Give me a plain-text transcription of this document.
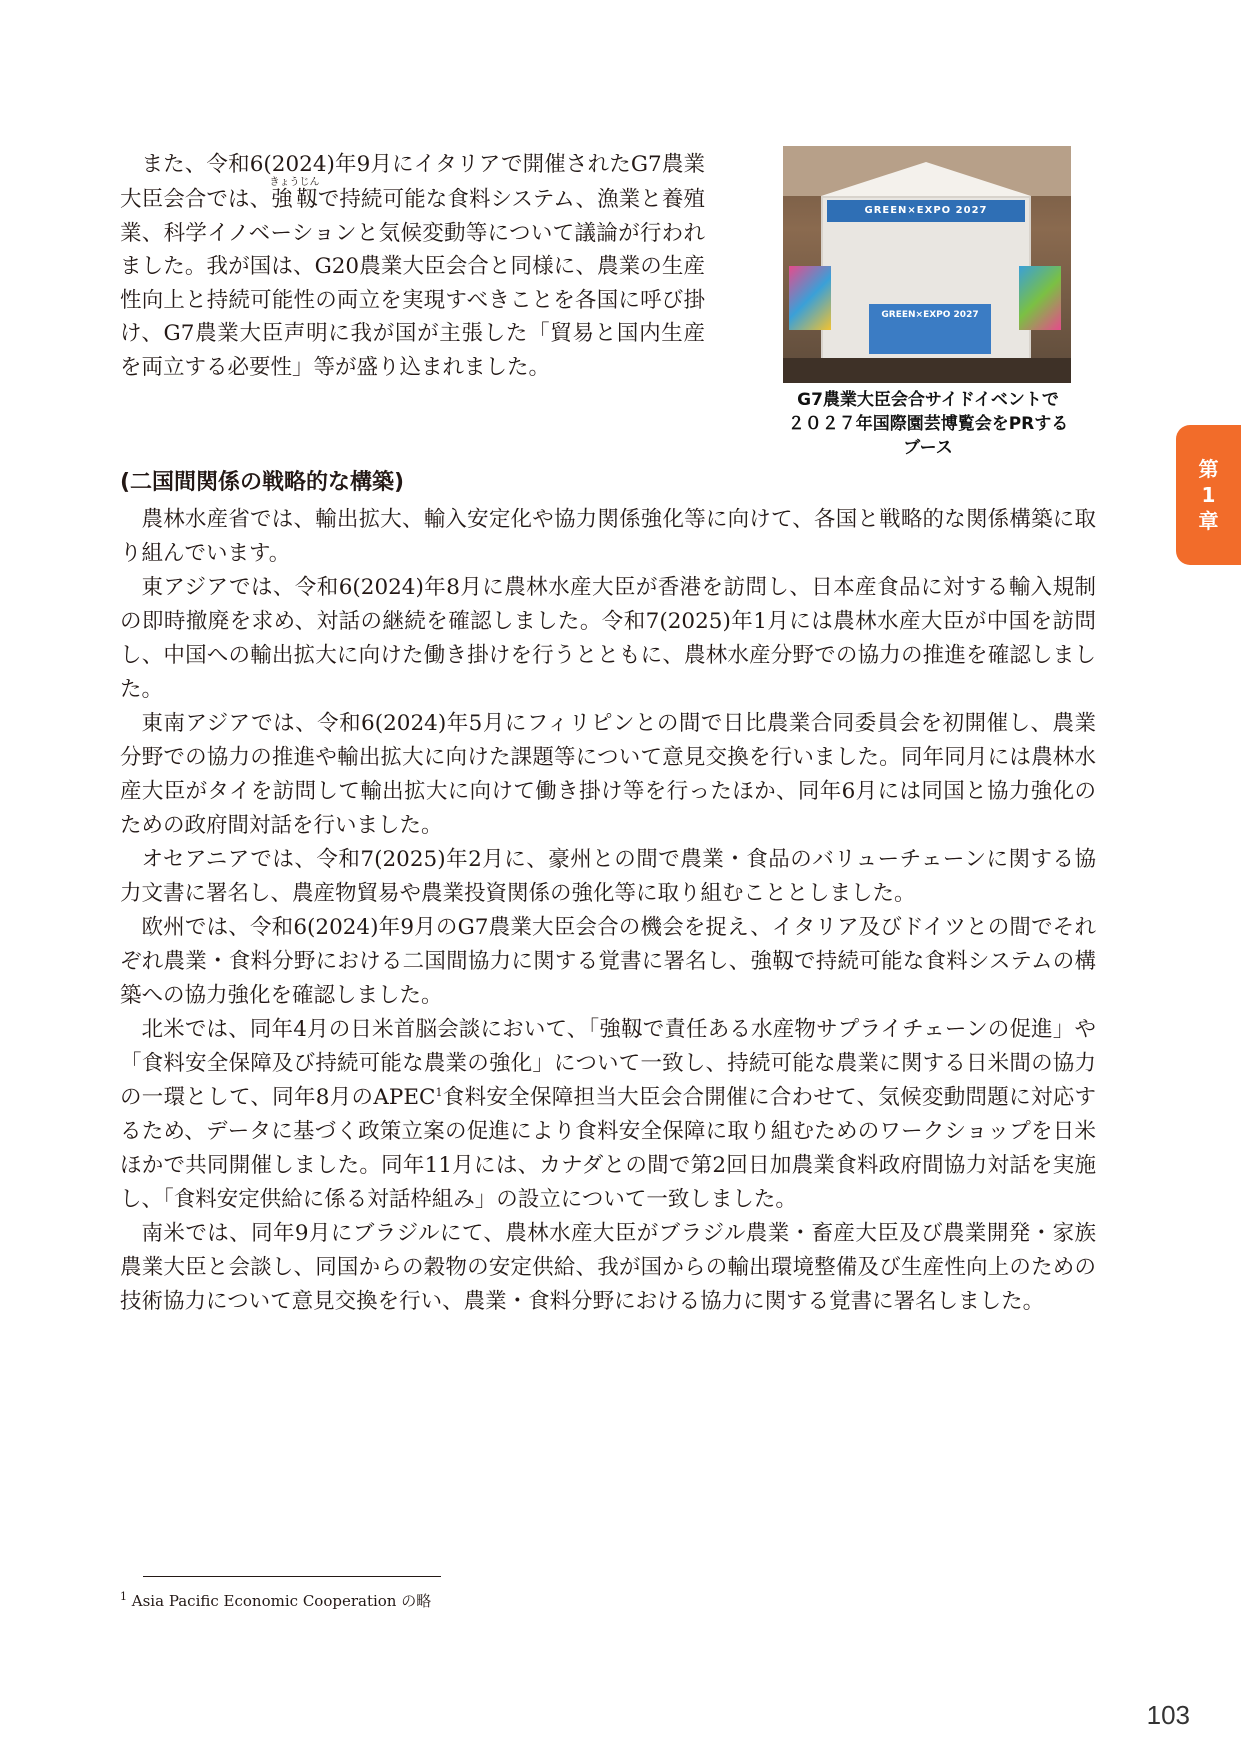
また、令和6(2024)年9月にイタリアで開催されたG7農業大臣会合では、強靱きょうじんで持続可能な食料システム、漁業と養殖業、科学イノベーションと気候変動等について議論が行われました。我が国は、G20農業大臣会合と同様に、農業の生産性向上と持続可能性の両立を実現すべきことを各国に呼び掛け、G7農業大臣声明に我が国が主張した「貿易と国内生産を両立する必要性」等が盛り込まれました。

GREEN×EXPO 2027
GREEN×EXPO 2027
G7農業大臣会合サイドイベントで
２０２７年国際園芸博覧会をPRする
ブース
第
1
章
(二国間関係の戦略的な構築)

農林水産省では、輸出拡大、輸入安定化や協力関係強化等に向けて、各国と戦略的な関係構築に取り組んでいます。

東アジアでは、令和6(2024)年8月に農林水産大臣が香港を訪問し、日本産食品に対する輸入規制の即時撤廃を求め、対話の継続を確認しました。令和7(2025)年1月には農林水産大臣が中国を訪問し、中国への輸出拡大に向けた働き掛けを行うとともに、農林水産分野での協力の推進を確認しました。

東南アジアでは、令和6(2024)年5月にフィリピンとの間で日比農業合同委員会を初開催し、農業分野での協力の推進や輸出拡大に向けた課題等について意見交換を行いました。同年同月には農林水産大臣がタイを訪問して輸出拡大に向けて働き掛け等を行ったほか、同年6月には同国と協力強化のための政府間対話を行いました。

オセアニアでは、令和7(2025)年2月に、豪州との間で農業・食品のバリューチェーンに関する協力文書に署名し、農産物貿易や農業投資関係の強化等に取り組むこととしました。

欧州では、令和6(2024)年9月のG7農業大臣会合の機会を捉え、イタリア及びドイツとの間でそれぞれ農業・食料分野における二国間協力に関する覚書に署名し、強靱で持続可能な食料システムの構築への協力強化を確認しました。

北米では、同年4月の日米首脳会談において、「強靱で責任ある水産物サプライチェーンの促進」や「食料安全保障及び持続可能な農業の強化」について一致し、持続可能な農業に関する日米間の協力の一環として、同年8月のAPEC$^1$食料安全保障担当大臣会合開催に合わせて、気候変動問題に対応するため、データに基づく政策立案の促進により食料安全保障に取り組むためのワークショップを日米ほかで共同開催しました。同年11月には、カナダとの間で第2回日加農業食料政府間協力対話を実施し、「食料安定供給に係る対話枠組み」の設立について一致しました。

南米では、同年9月にブラジルにて、農林水産大臣がブラジル農業・畜産大臣及び農業開発・家族農業大臣と会談し、同国からの穀物の安定供給、我が国からの輸出環境整備及び生産性向上のための技術協力について意見交換を行い、農業・食料分野における協力に関する覚書に署名しました。

$^1$ Asia Pacific Economic Cooperation の略
103
